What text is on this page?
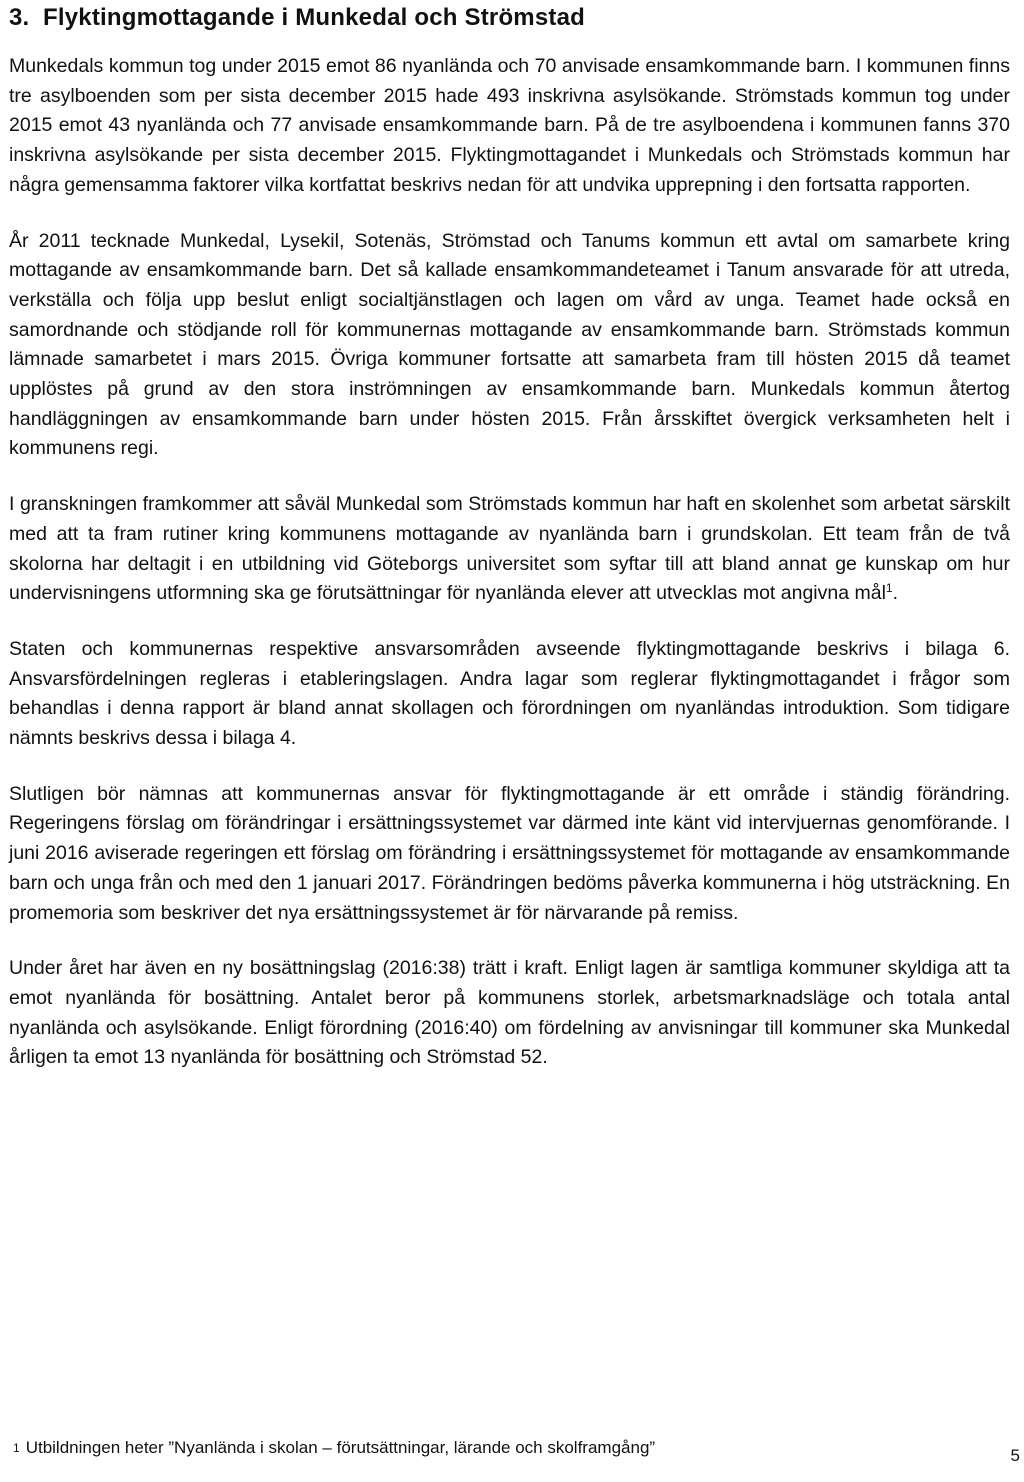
3. Flyktingmottagande i Munkedal och Strömstad

Munkedals kommun tog under 2015 emot 86 nyanlända och 70 anvisade ensamkommande barn. I kommunen finns tre asylboenden som per sista december 2015 hade 493 inskrivna asylsökande. Strömstads kommun tog under 2015 emot 43 nyanlända och 77 anvisade ensamkommande barn. På de tre asylboendena i kommunen fanns 370 inskrivna asylsökande per sista december 2015. Flyktingmottagandet i Munkedals och Strömstads kommun har några gemensamma faktorer vilka kortfattat beskrivs nedan för att undvika upprepning i den fortsatta rapporten.

År 2011 tecknade Munkedal, Lysekil, Sotenäs, Strömstad och Tanums kommun ett avtal om samarbete kring mottagande av ensamkommande barn. Det så kallade ensamkommandeteamet i Tanum ansvarade för att utreda, verkställa och följa upp beslut enligt socialtjänstlagen och lagen om vård av unga. Teamet hade också en samordnande och stödjande roll för kommunernas mottagande av ensamkommande barn. Strömstads kommun lämnade samarbetet i mars 2015. Övriga kommuner fortsatte att samarbeta fram till hösten 2015 då teamet upplöstes på grund av den stora inströmningen av ensamkommande barn. Munkedals kommun återtog handläggningen av ensamkommande barn under hösten 2015. Från årsskiftet övergick verksamheten helt i kommunens regi.

I granskningen framkommer att såväl Munkedal som Strömstads kommun har haft en skolenhet som arbetat särskilt med att ta fram rutiner kring kommunens mottagande av nyanlända barn i grundskolan. Ett team från de två skolorna har deltagit i en utbildning vid Göteborgs universitet som syftar till att bland annat ge kunskap om hur undervisningens utformning ska ge förutsättningar för nyanlända elever att utvecklas mot angivna mål$^1$.

Staten och kommunernas respektive ansvarsområden avseende flyktingmottagande beskrivs i bilaga 6. Ansvarsfördelningen regleras i etableringslagen. Andra lagar som reglerar flyktingmottagandet i frågor som behandlas i denna rapport är bland annat skollagen och förordningen om nyanländas introduktion. Som tidigare nämnts beskrivs dessa i bilaga 4.

Slutligen bör nämnas att kommunernas ansvar för flyktingmottagande är ett område i ständig förändring. Regeringens förslag om förändringar i ersättningssystemet var därmed inte känt vid intervjuernas genomförande. I juni 2016 aviserade regeringen ett förslag om förändring i ersättningssystemet för mottagande av ensamkommande barn och unga från och med den 1 januari 2017. Förändringen bedöms påverka kommunerna i hög utsträckning. En promemoria som beskriver det nya ersättningssystemet är för närvarande på remiss.

Under året har även en ny bosättningslag (2016:38) trätt i kraft. Enligt lagen är samtliga kommuner skyldiga att ta emot nyanlända för bosättning. Antalet beror på kommunens storlek, arbetsmarknadsläge och totala antal nyanlända och asylsökande. Enligt förordning (2016:40) om fördelning av anvisningar till kommuner ska Munkedal årligen ta emot 13 nyanlända för bosättning och Strömstad 52.

1 Utbildningen heter ”Nyanlända i skolan – förutsättningar, lärande och skolframgång”	5
